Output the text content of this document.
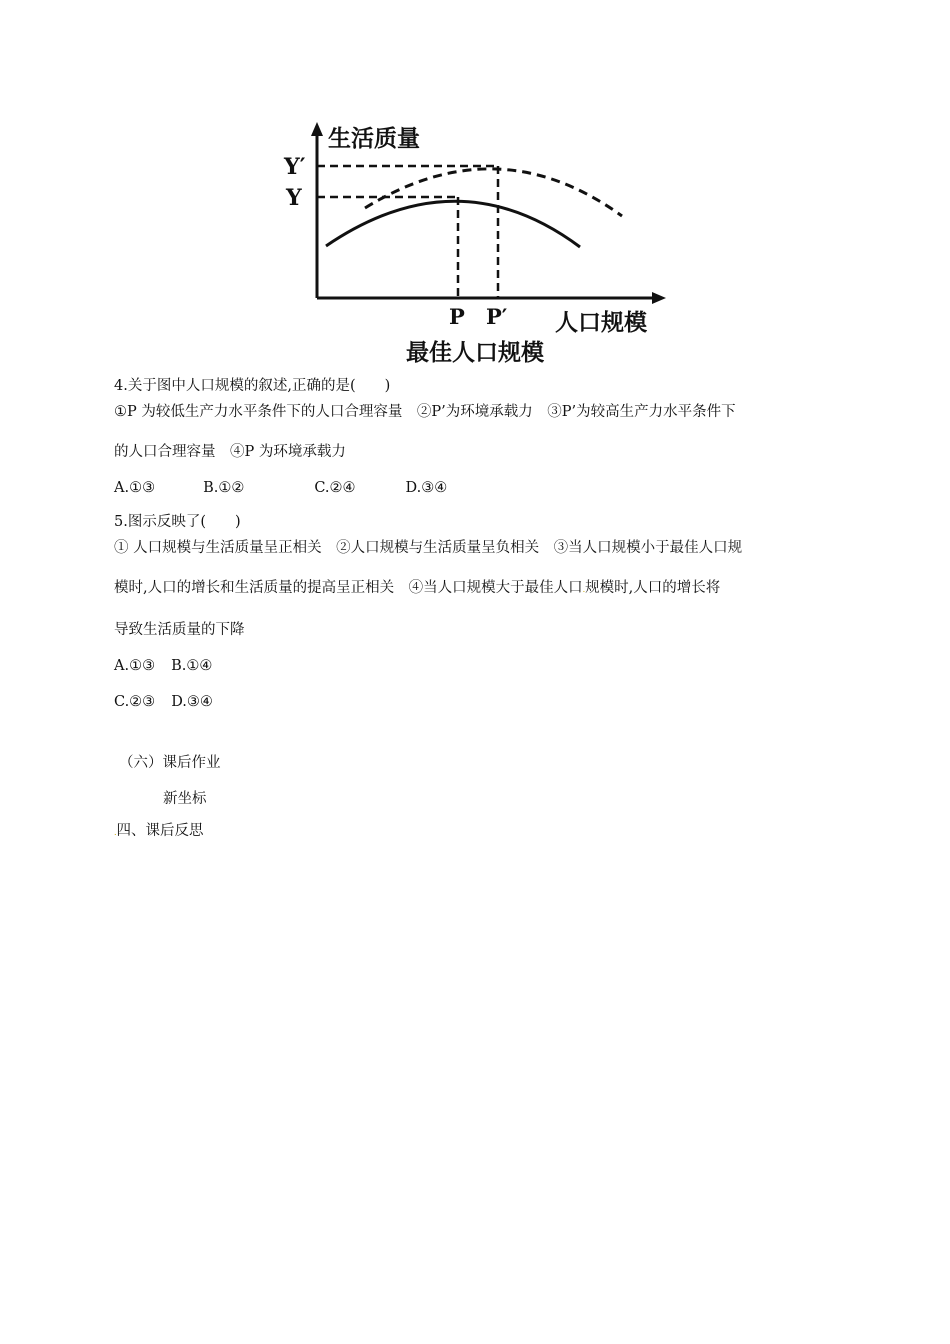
生活质量
Y′
Y
P P′ 人口规模
最佳人口规模
4.关于图中人口规模的叙述,正确的是(　　)
①P 为较低生产力水平条件下的人口合理容量　②P’为环境承载力　③P’为较高生产力水平条件下
的人口合理容量　④P 为环境承载力
A.①③	B.①②	C.②④	D.③④
5.图示反映了(　　)
① 人口规模与生活质量呈正相关　②人口规模与生活质量呈负相关　③当人口规模小于最佳人口规
模时,人口的增长和生活质量的提高呈正相关　④当人口规模大于最佳人口.规模时,人口的增长将
导致生活质量的下降
A.①③ B.①④
C.②③ D.③④
（六）课后作业
新坐标
.四、课后反思
